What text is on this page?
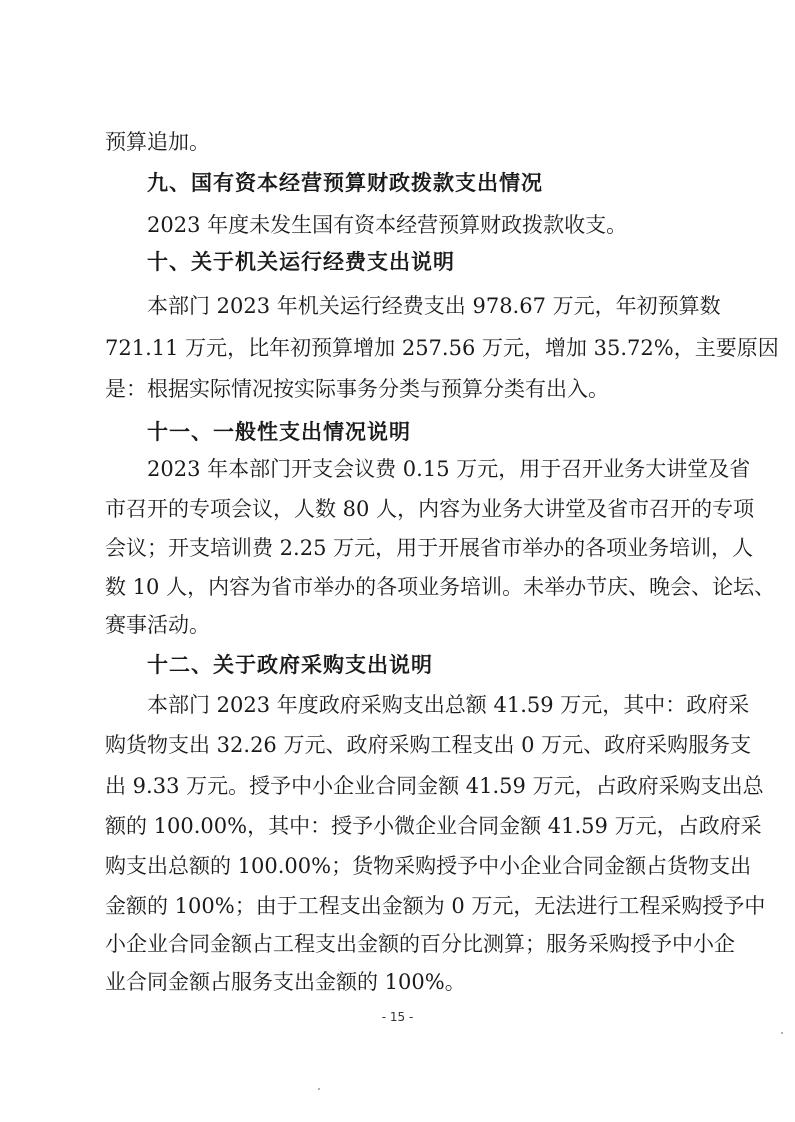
预算追加。
九、国有资本经营预算财政拨款支出情况
2023 年度未发生国有资本经营预算财政拨款收支。
十、关于机关运行经费支出说明
本部门 2023 年机关运行经费支出 978.67 万元，年初预算数
721.11 万元，比年初预算增加 257.56 万元，增加 35.72%，主要原因
是：根据实际情况按实际事务分类与预算分类有出入。
十一、一般性支出情况说明
2023 年本部门开支会议费 0.15 万元，用于召开业务大讲堂及省
市召开的专项会议，人数 80 人，内容为业务大讲堂及省市召开的专项
会议；开支培训费 2.25 万元，用于开展省市举办的各项业务培训，人
数 10 人，内容为省市举办的各项业务培训。未举办节庆、晚会、论坛、
赛事活动。
十二、关于政府采购支出说明
本部门 2023 年度政府采购支出总额 41.59 万元，其中：政府采
购货物支出 32.26 万元、政府采购工程支出 0 万元、政府采购服务支
出 9.33 万元。授予中小企业合同金额 41.59 万元，占政府采购支出总
额的 100.00%，其中：授予小微企业合同金额 41.59 万元，占政府采
购支出总额的 100.00%；货物采购授予中小企业合同金额占货物支出
金额的 100%；由于工程支出金额为 0 万元，无法进行工程采购授予中
小企业合同金额占工程支出金额的百分比测算；服务采购授予中小企
业合同金额占服务支出金额的 100%。
- 15 -
